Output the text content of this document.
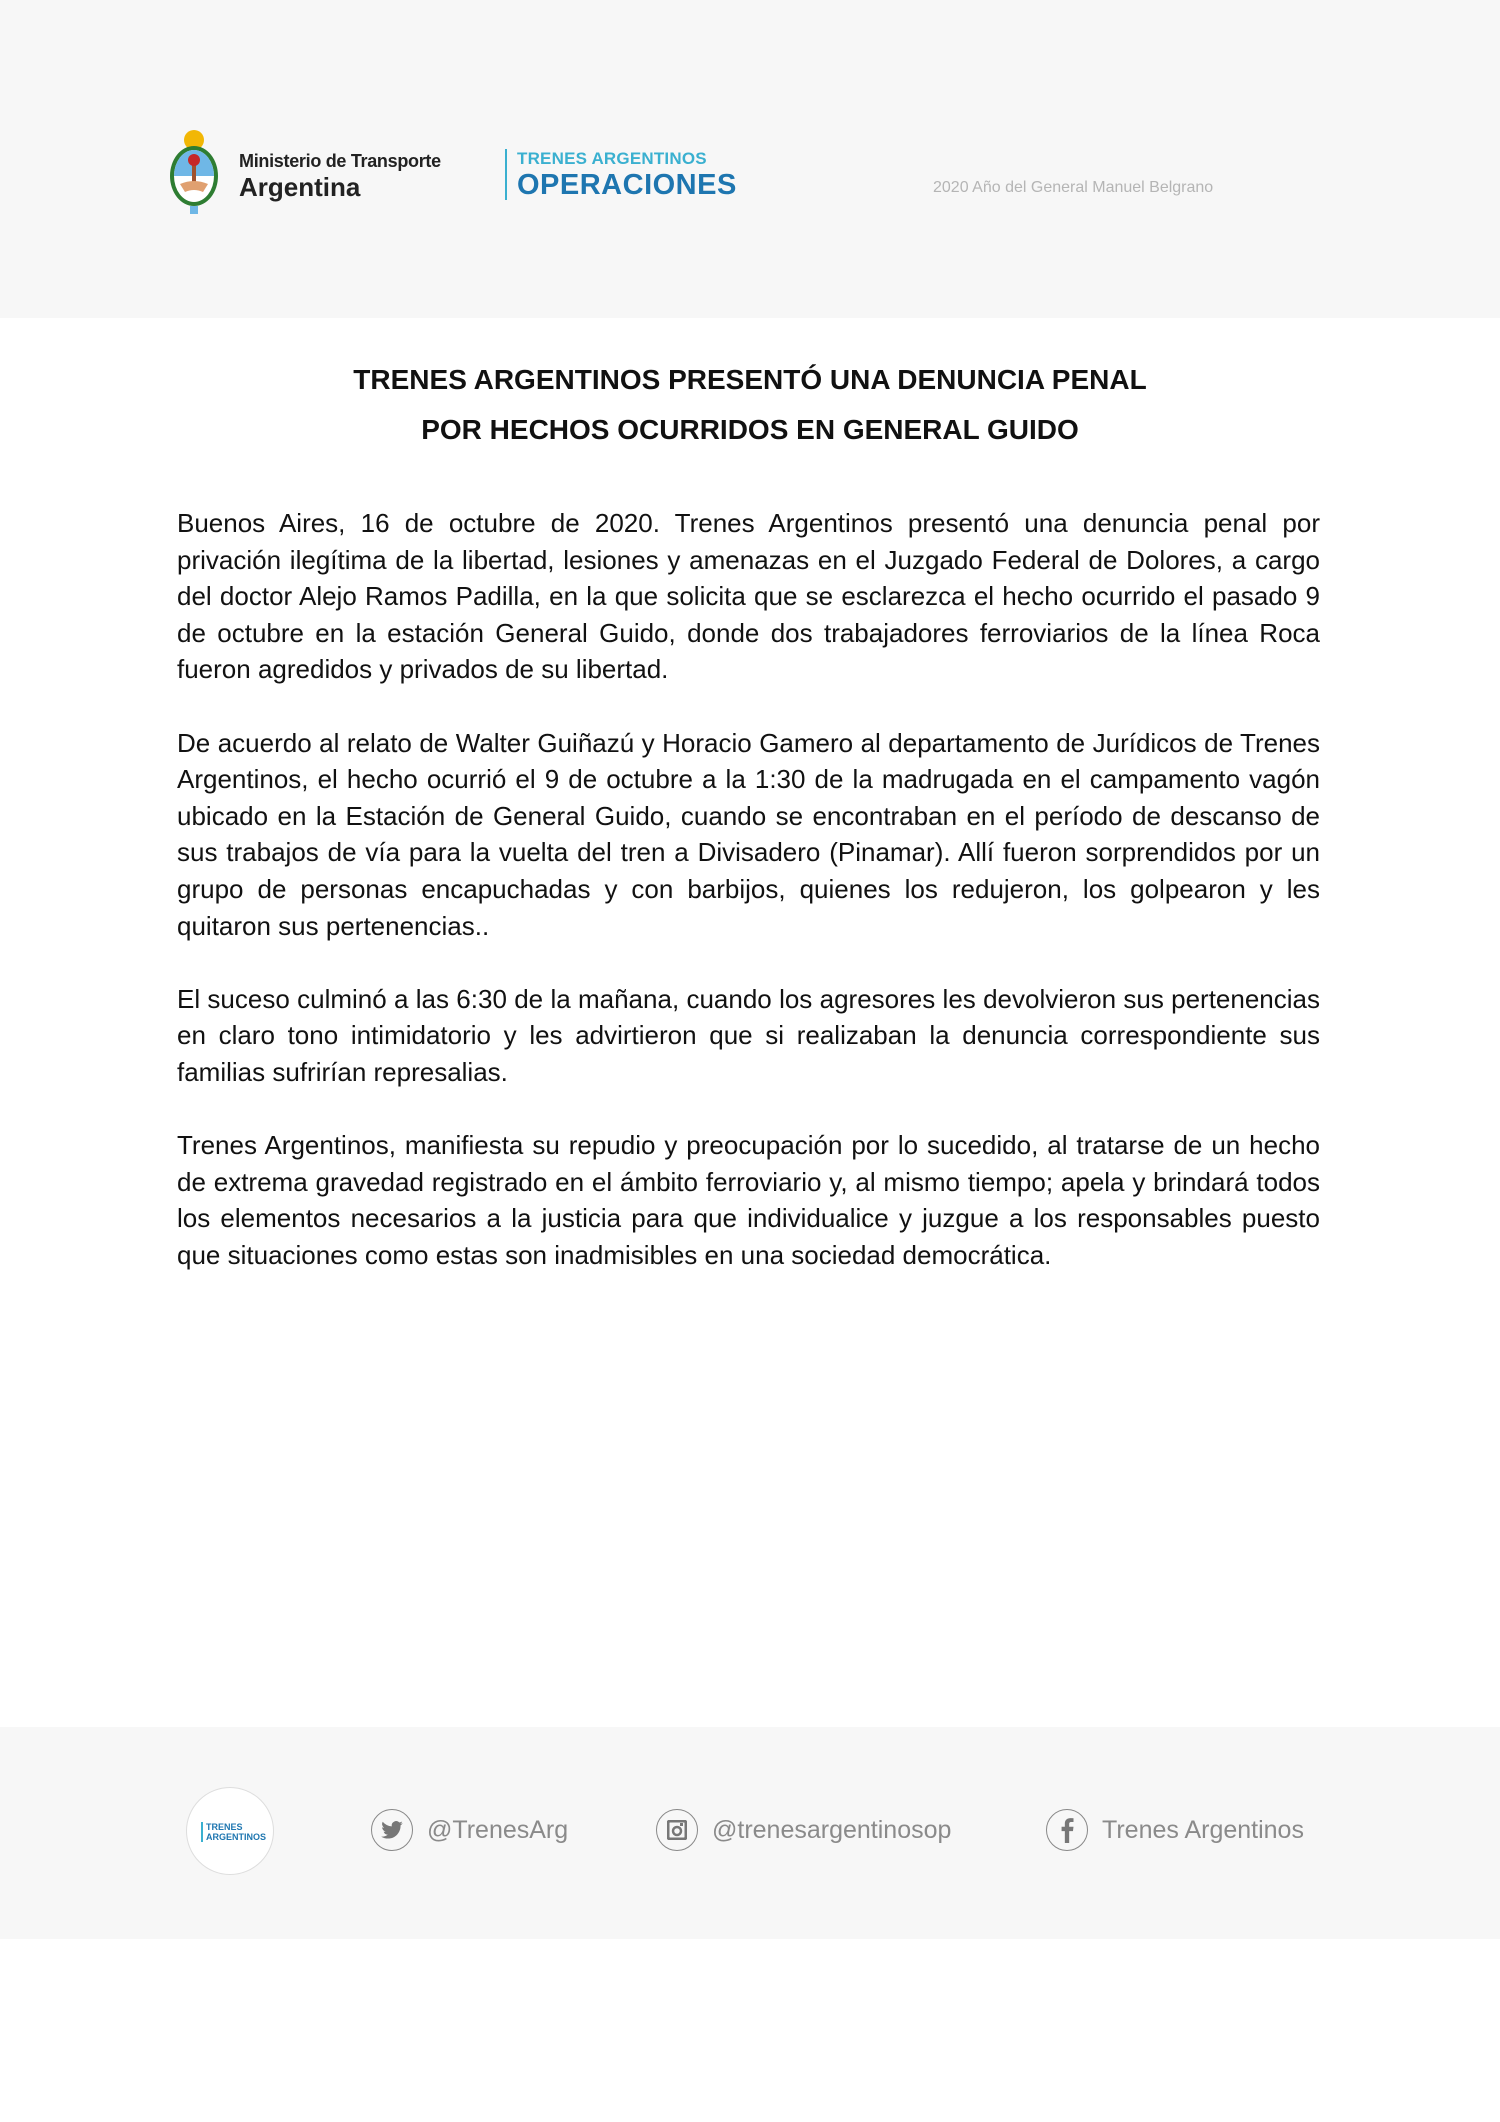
Ministerio de Transporte
Argentina
TRENES ARGENTINOS
OPERACIONES	2020 Año del General Manuel Belgrano
TRENES ARGENTINOS PRESENTÓ UNA DENUNCIA PENAL
POR HECHOS OCURRIDOS EN GENERAL GUIDO

Buenos Aires, 16 de octubre de 2020. Trenes Argentinos presentó una denuncia penal por privación ilegítima de la libertad, lesiones y amenazas en el Juzgado Federal de Dolores, a cargo del doctor Alejo Ramos Padilla, en la que solicita que se esclarezca el hecho ocurrido el pasado 9 de octubre en la estación General Guido, donde dos trabajadores ferroviarios de la línea Roca fueron agredidos y privados de su libertad.

De acuerdo al relato de Walter Guiñazú y Horacio Gamero al departamento de Jurídicos de Trenes Argentinos, el hecho ocurrió el 9 de octubre a la 1:30 de la madrugada en el campamento vagón ubicado en la Estación de General Guido, cuando se encontraban en el período de descanso de sus trabajos de vía para la vuelta del tren a Divisadero (Pinamar). Allí fueron sorprendidos por un grupo de personas encapuchadas y con barbijos, quienes los redujeron, los golpearon y les quitaron sus pertenencias..

El suceso culminó a las 6:30 de la mañana, cuando los agresores les devolvieron sus pertenencias en claro tono intimidatorio y les advirtieron que si realizaban la denuncia correspondiente sus familias sufrirían represalias.

Trenes Argentinos, manifiesta su repudio y preocupación por lo sucedido, al tratarse de un hecho de extrema gravedad registrado en el ámbito ferroviario y, al mismo tiempo; apela y brindará todos los elementos necesarios a la justicia para que individualice y juzgue a los responsables puesto que situaciones como estas son inadmisibles en una sociedad democrática.

TRENES
ARGENTINOS	@TrenesArg	@trenesargentinosop	Trenes Argentinos
